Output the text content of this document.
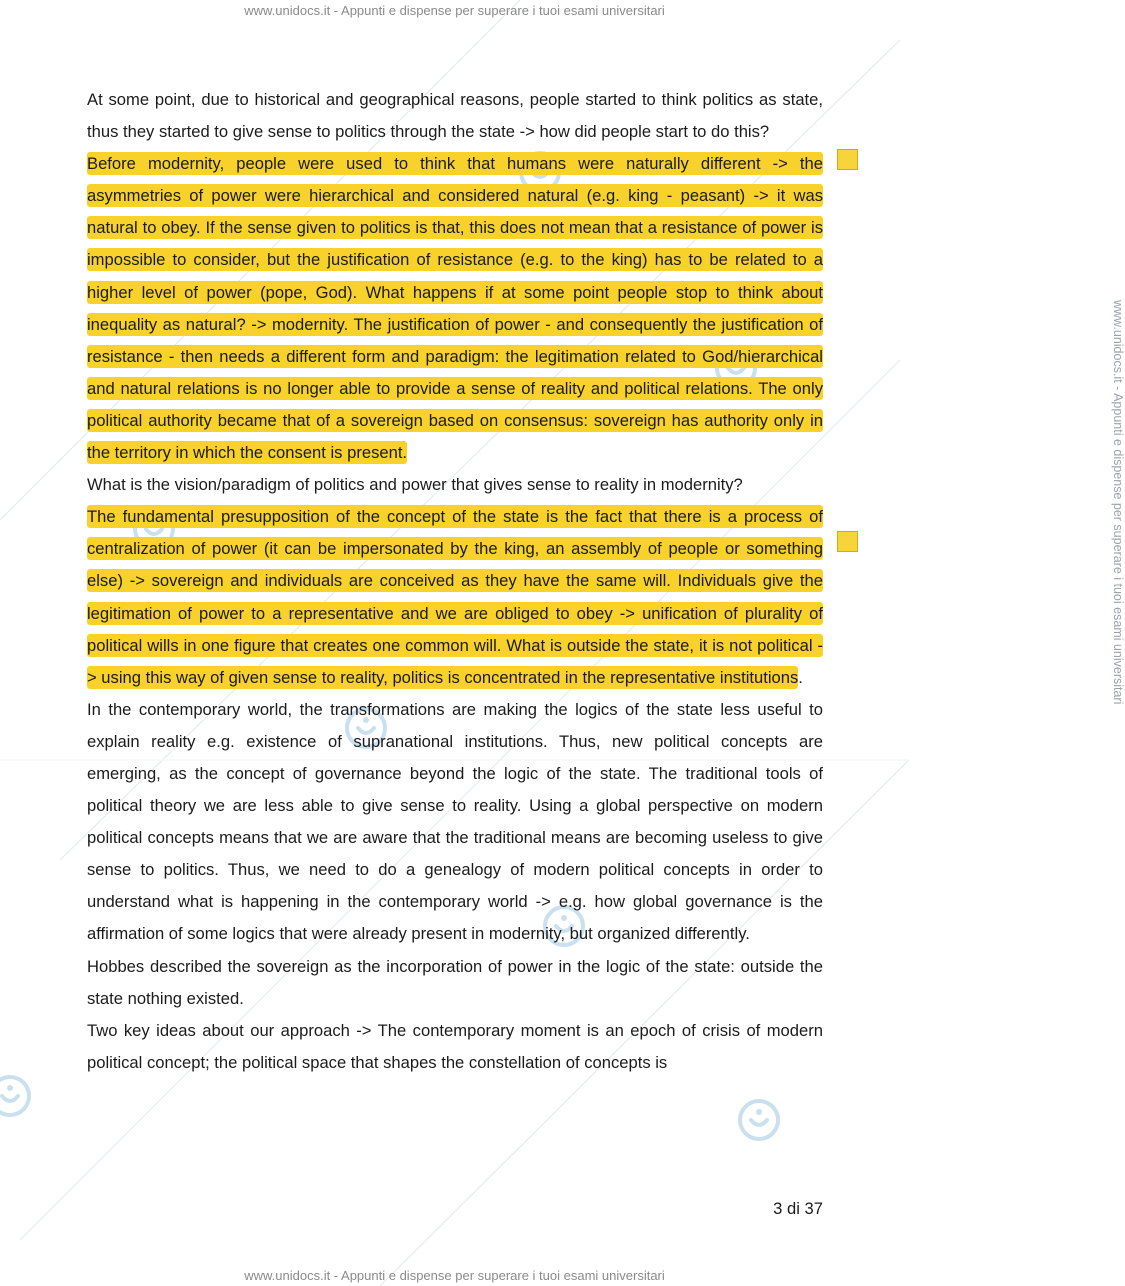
www.unidocs.it - Appunti e dispense per superare i tuoi esami universitari
www.unidocs.it - Appunti e dispense per superare i tuoi esami universitari
www.unidocs.it - Appunti e dispense per superare i tuoi esami universitari

At some point, due to historical and geographical reasons, people started to think politics as state, thus they started to give sense to politics through the state -> how did people start to do this?

Before modernity, people were used to think that humans were naturally different -> the asymmetries of power were hierarchical and considered natural (e.g. king - peasant) -> it was natural to obey. If the sense given to politics is that, this does not mean that a resistance of power is impossible to consider, but the justification of resistance (e.g. to the king) has to be related to a higher level of power (pope, God). What happens if at some point people stop to think about inequality as natural? -> modernity. The justification of power - and consequently the justification of resistance - then needs a different form and paradigm: the legitimation related to God/hierarchical and natural relations is no longer able to provide a sense of reality and political relations. The only political authority became that of a sovereign based on consensus: sovereign has authority only in the territory in which the consent is present.

What is the vision/paradigm of politics and power that gives sense to reality in modernity?

The fundamental presupposition of the concept of the state is the fact that there is a process of centralization of power (it can be impersonated by the king, an assembly of people or something else) -> sovereign and individuals are conceived as they have the same will. Individuals give the legitimation of power to a representative and we are obliged to obey -> unification of plurality of political wills in one figure that creates one common will. What is outside the state, it is not political -> using this way of given sense to reality, politics is concentrated in the representative institutions.

In the contemporary world, the transformations are making the logics of the state less useful to explain reality e.g. existence of supranational institutions. Thus, new political concepts are emerging, as the concept of governance beyond the logic of the state. The traditional tools of political theory we are less able to give sense to reality. Using a global perspective on modern political concepts means that we are aware that the traditional means are becoming useless to give sense to politics. Thus, we need to do a genealogy of modern political concepts in order to understand what is happening in the contemporary world -> e.g. how global governance is the affirmation of some logics that were already present in modernity, but organized differently.

Hobbes described the sovereign as the incorporation of power in the logic of the state: outside the state nothing existed.

Two key ideas about our approach -> The contemporary moment is an epoch of crisis of modern political concept; the political space that shapes the constellation of concepts is

3 di 37
